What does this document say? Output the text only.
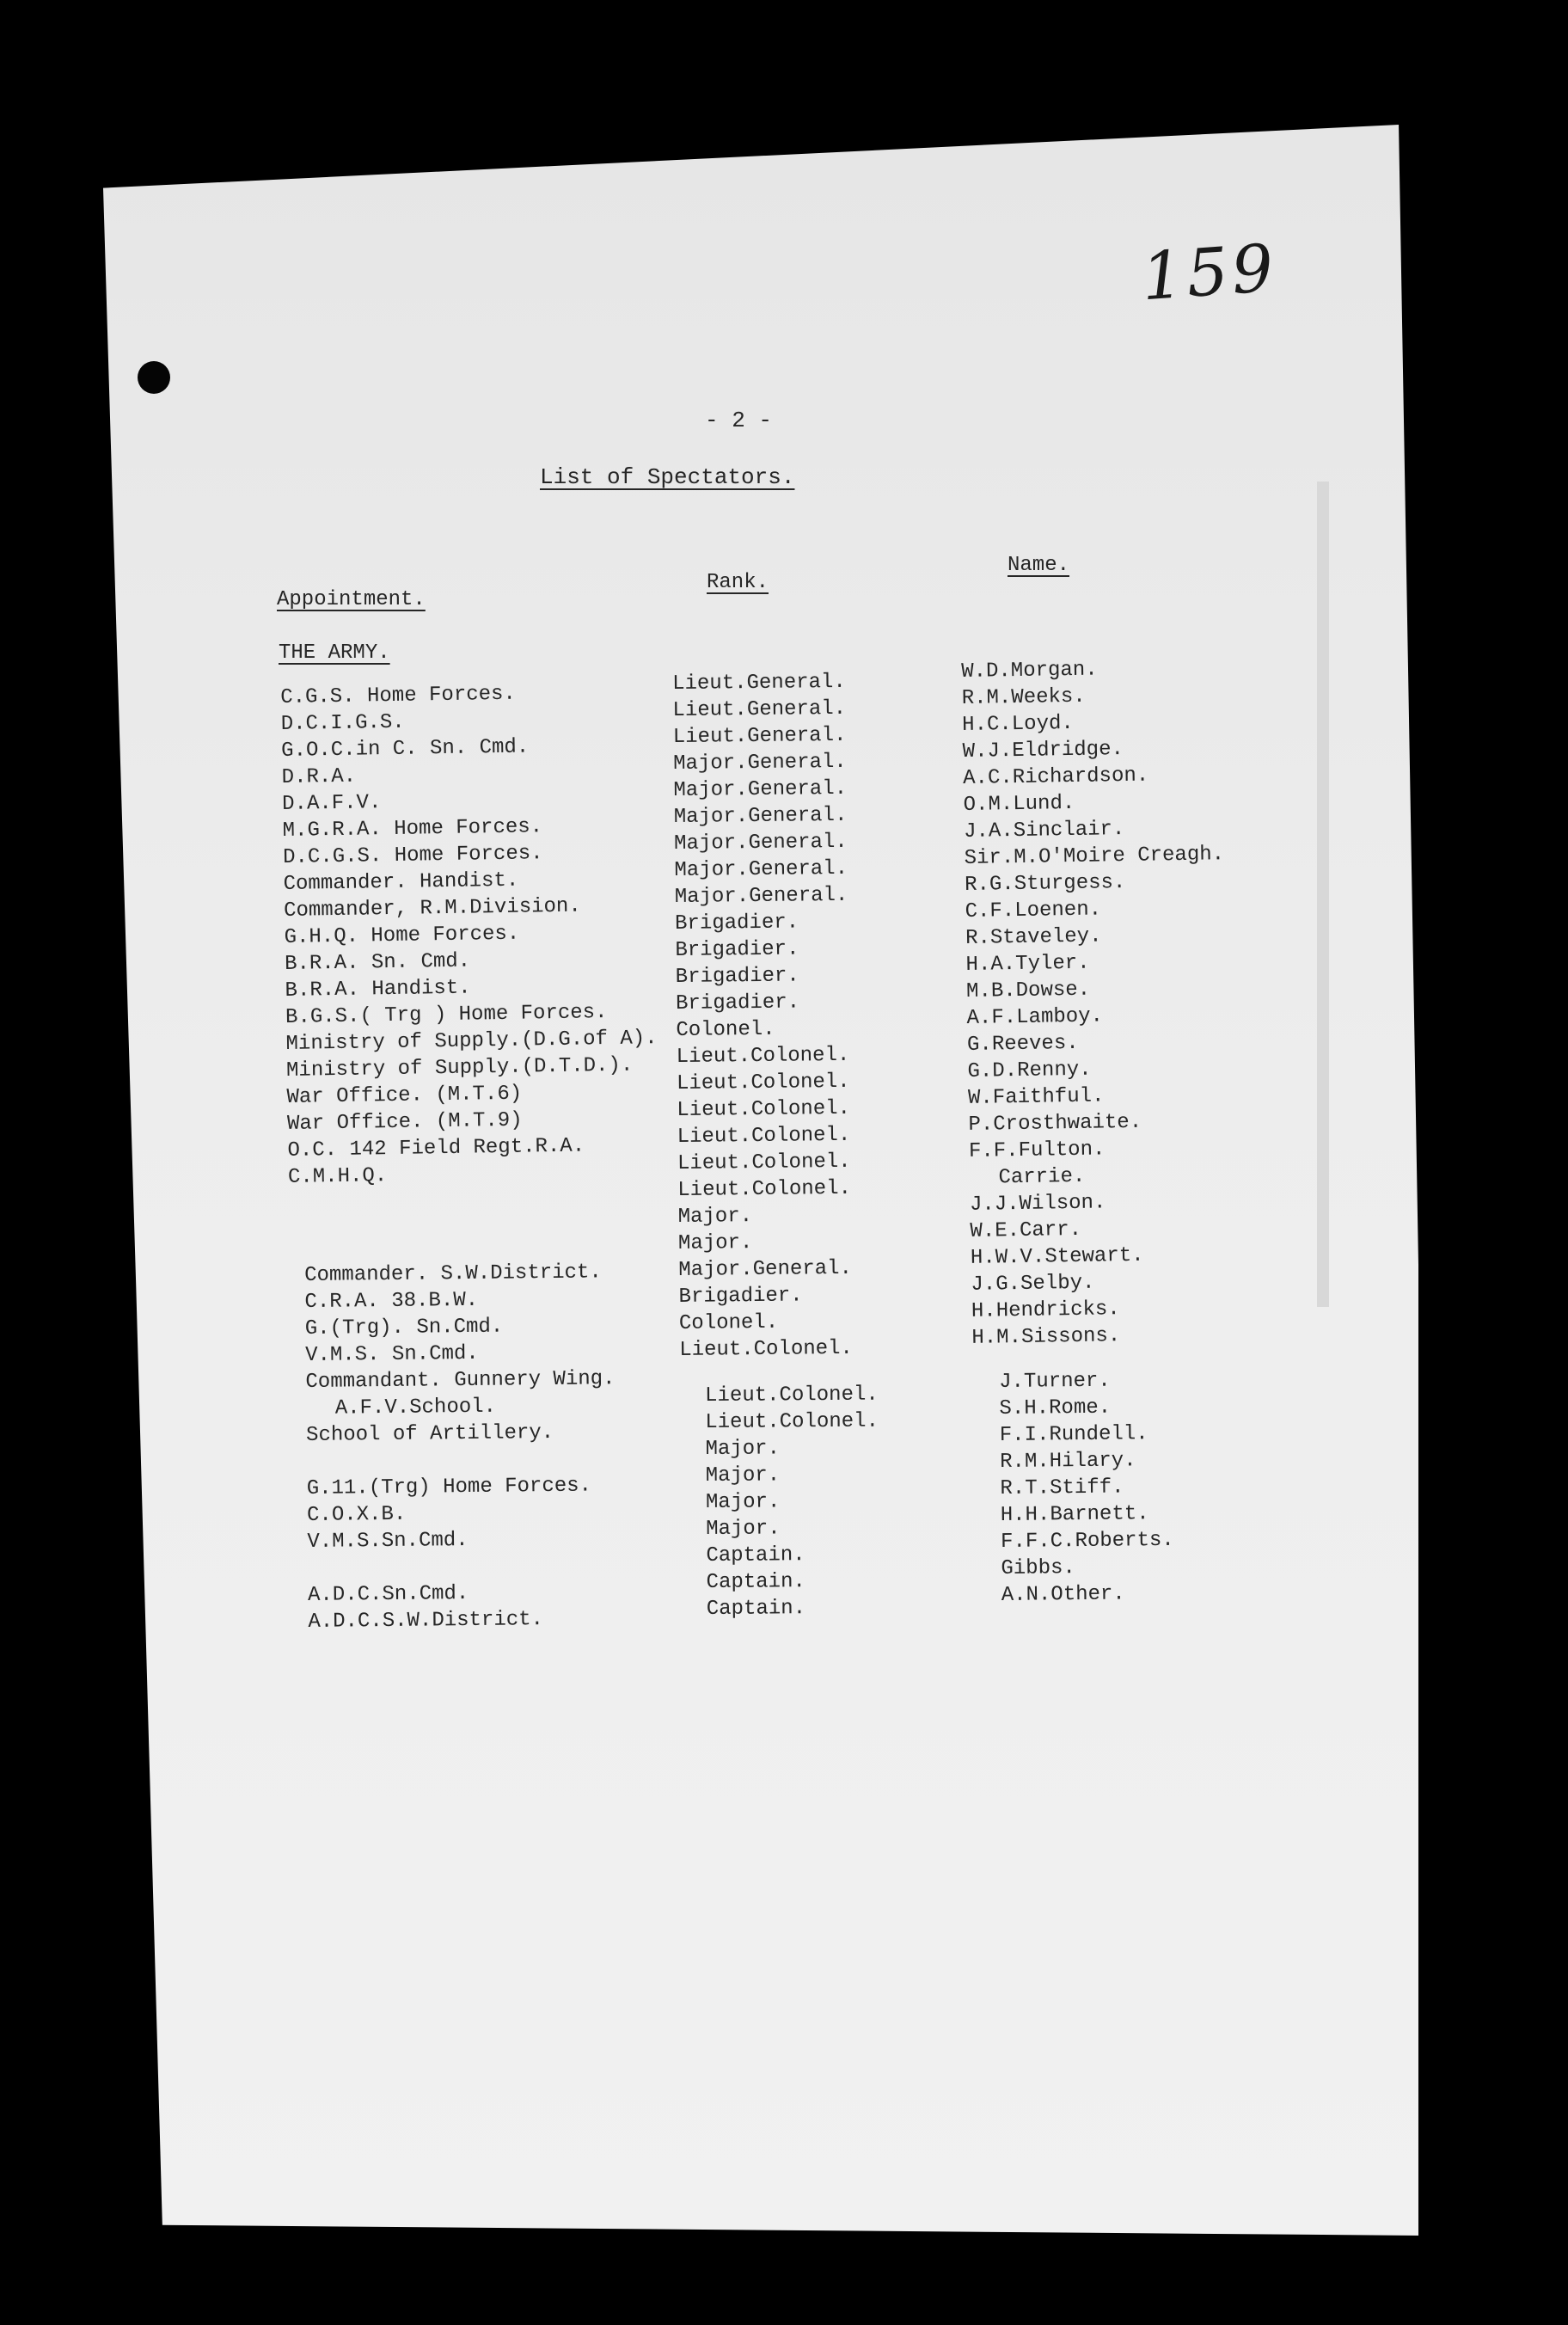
159

- 2 -

List of Spectators.

Appointment.

Rank.

Name.

THE ARMY.

C.G.S. Home Forces.
D.C.I.G.S.
G.O.C.in C. Sn. Cmd.
D.R.A.
D.A.F.V.
M.G.R.A. Home Forces.
D.C.G.S. Home Forces.
Commander. Handist.
Commander, R.M.Division.
G.H.Q. Home Forces.
B.R.A. Sn. Cmd.
B.R.A. Handist.
B.G.S.( Trg ) Home Forces.
Ministry of Supply.(D.G.of A).
Ministry of Supply.(D.T.D.).
War Office. (M.T.6)
War Office. (M.T.9)
O.C. 142 Field Regt.R.A.
C.M.H.Q.
Commander. S.W.District.
C.R.A. 38.B.W.
G.(Trg). Sn.Cmd.
V.M.S. Sn.Cmd.
Commandant. Gunnery Wing.
A.F.V.School.
School of Artillery.
G.11.(Trg) Home Forces.
C.O.X.B.
V.M.S.Sn.Cmd.
A.D.C.Sn.Cmd.
A.D.C.S.W.District.
Lieut.General.
Lieut.General.
Lieut.General.
Major.General.
Major.General.
Major.General.
Major.General.
Major.General.
Major.General.
Brigadier.
Brigadier.
Brigadier.
Brigadier.
Colonel.
Lieut.Colonel.
Lieut.Colonel.
Lieut.Colonel.
Lieut.Colonel.
Lieut.Colonel.
Lieut.Colonel.
Major.
Major.
Major.General.
Brigadier.
Colonel.
Lieut.Colonel.
Lieut.Colonel.
Lieut.Colonel.
Major.
Major.
Major.
Major.
Captain.
Captain.
Captain.
W.D.Morgan.
R.M.Weeks.
H.C.Loyd.
W.J.Eldridge.
A.C.Richardson.
O.M.Lund.
J.A.Sinclair.
Sir.M.O'Moire Creagh.
R.G.Sturgess.
C.F.Loenen.
R.Staveley.
H.A.Tyler.
M.B.Dowse.
A.F.Lamboy.
G.Reeves.
G.D.Renny.
W.Faithful.
P.Crosthwaite.
F.F.Fulton.
Carrie.
J.J.Wilson.
W.E.Carr.
H.W.V.Stewart.
J.G.Selby.
H.Hendricks.
H.M.Sissons.
J.Turner.
S.H.Rome.
F.I.Rundell.
R.M.Hilary.
R.T.Stiff.
H.H.Barnett.
F.F.C.Roberts.
Gibbs.
A.N.Other.
